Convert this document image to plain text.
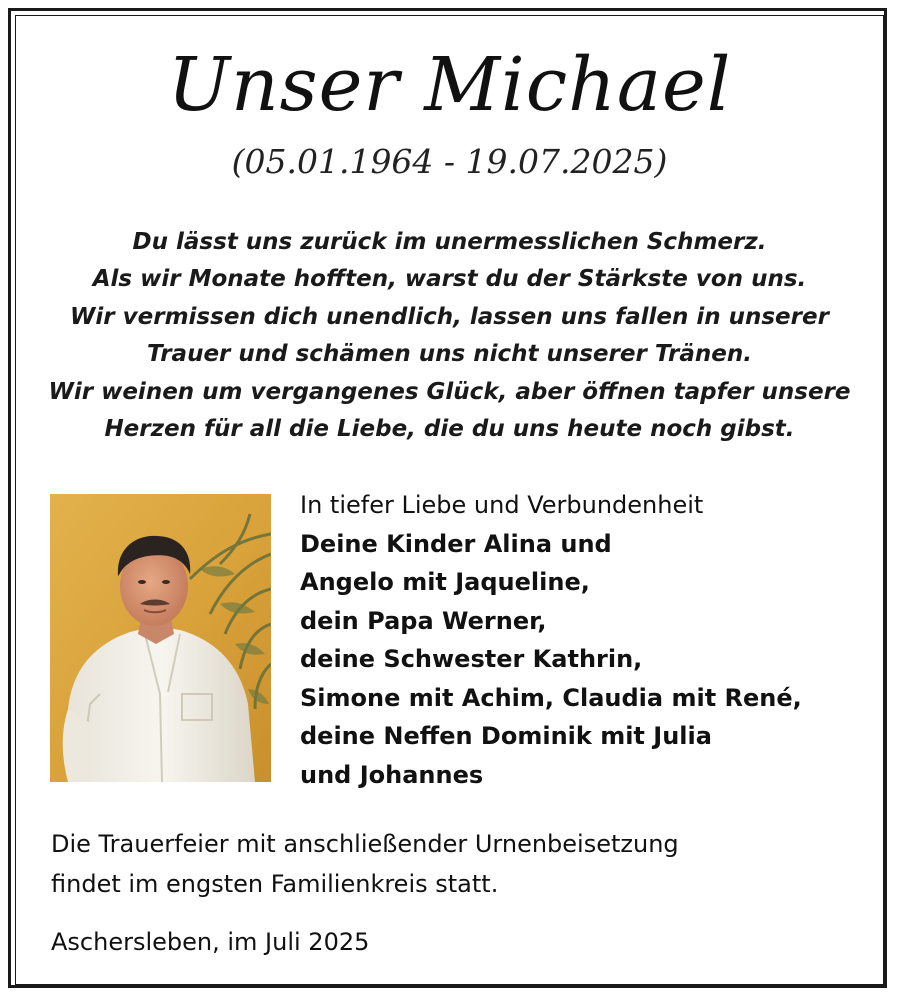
Unser Michael
(05.01.1964 - 19.07.2025)
Du lässt uns zurück im unermesslichen Schmerz.
Als wir Monate hofften, warst du der Stärkste von uns.
Wir vermissen dich unendlich, lassen uns fallen in unserer
Trauer und schämen uns nicht unserer Tränen.
Wir weinen um vergangenes Glück, aber öffnen tapfer unsere
Herzen für all die Liebe, die du uns heute noch gibst.
In tiefer Liebe und Verbundenheit
Deine Kinder Alina und
Angelo mit Jaqueline,
dein Papa Werner,
deine Schwester Kathrin,
Simone mit Achim, Claudia mit René,
deine Neffen Dominik mit Julia
und Johannes
Die Trauerfeier mit anschließender Urnenbeisetzung
findet im engsten Familienkreis statt.
Aschersleben, im Juli 2025
